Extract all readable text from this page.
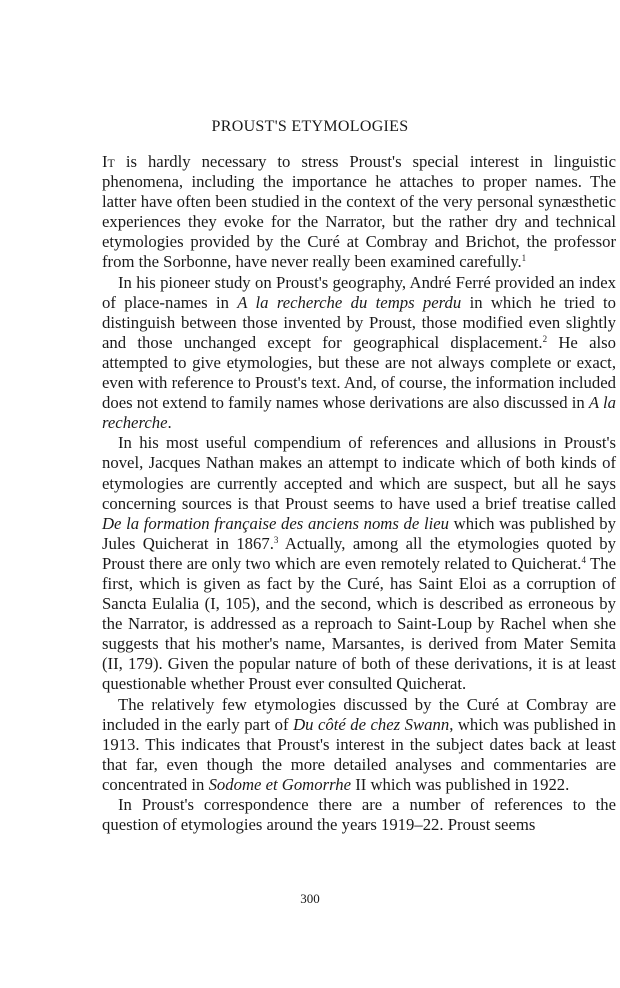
PROUST'S ETYMOLOGIES

It is hardly necessary to stress Proust's special interest in linguistic phenomena, including the importance he attaches to proper names. The latter have often been studied in the context of the very personal synæsthetic experiences they evoke for the Narrator, but the rather dry and technical etymologies provided by the Curé at Combray and Brichot, the professor from the Sorbonne, have never really been examined carefully.$^1$

In his pioneer study on Proust's geography, André Ferré provided an index of place-names in A la recherche du temps perdu in which he tried to distinguish between those invented by Proust, those modified even slightly and those unchanged except for geographical displacement.$^2$ He also attempted to give etymologies, but these are not always complete or exact, even with reference to Proust's text. And, of course, the information included does not extend to family names whose derivations are also discussed in A la recherche.

In his most useful compendium of references and allusions in Proust's novel, Jacques Nathan makes an attempt to indicate which of both kinds of etymologies are currently accepted and which are suspect, but all he says concerning sources is that Proust seems to have used a brief treatise called De la formation française des anciens noms de lieu which was published by Jules Quicherat in 1867.$^3$ Actually, among all the etymologies quoted by Proust there are only two which are even remotely related to Quicherat.$^4$ The first, which is given as fact by the Curé, has Saint Eloi as a corruption of Sancta Eulalia (I, 105), and the second, which is described as erroneous by the Narrator, is addressed as a reproach to Saint-Loup by Rachel when she suggests that his mother's name, Marsantes, is derived from Mater Semita (II, 179). Given the popular nature of both of these derivations, it is at least questionable whether Proust ever consulted Quicherat.

The relatively few etymologies discussed by the Curé at Combray are included in the early part of Du côté de chez Swann, which was published in 1913. This indicates that Proust's interest in the subject dates back at least that far, even though the more detailed analyses and commentaries are concentrated in Sodome et Gomorrhe II which was published in 1922.

In Proust's correspondence there are a number of references to the question of etymologies around the years 1919–22. Proust seems

300
